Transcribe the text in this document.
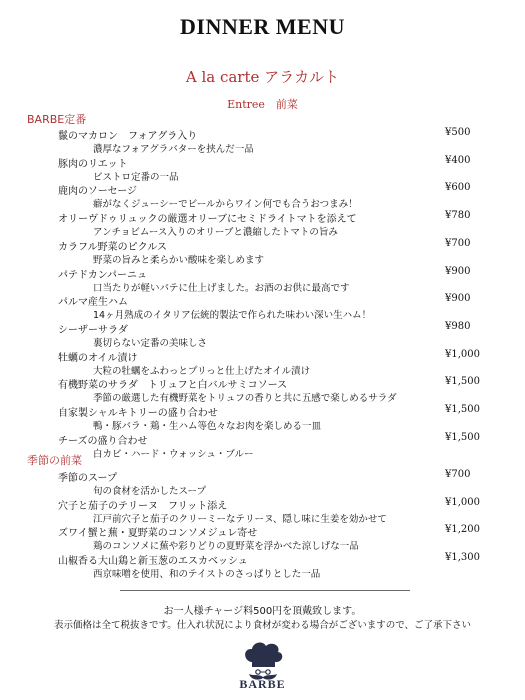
DINNER MENU
A la carte アラカルト
Entree　前菜
BARBE定番
鬣のマカロン　フォアグラ入り	¥500
濃厚なフォアグラバターを挟んだ一品
豚肉のリエット	¥400
ビストロ定番の一品
鹿肉のソーセージ	¥600
癖がなくジューシーでビールからワイン何でも合うおつまみ！
オリーヴドゥリュックの厳選オリーブにセミドライトマトを添えて	¥780
アンチョビムース入りのオリーブと濃縮したトマトの旨み
カラフル野菜のピクルス	¥700
野菜の旨みと柔らかい酸味を楽しめます
パテドカンパーニュ	¥900
口当たりが軽いパテに仕上げました。お酒のお供に最高です
パルマ産生ハム	¥900
14ヶ月熟成のイタリア伝統的製法で作られた味わい深い生ハム！
シーザーサラダ	¥980
裏切らない定番の美味しさ
牡蠣のオイル漬け	¥1,000
大粒の牡蠣をふわっとプリっと仕上げたオイル漬け
有機野菜のサラダ　トリュフと白バルサミコソース	¥1,500
季節の厳選した有機野菜をトリュフの香りと共に五感で楽しめるサラダ
自家製シャルキトリーの盛り合わせ	¥1,500
鴨・豚バラ・鶏・生ハム等色々なお肉を楽しめる一皿
チーズの盛り合わせ	¥1,500
白カビ・ハード・ウォッシュ・ブルー
季節の前菜
季節のスープ	¥700
旬の食材を活かしたスープ
穴子と茄子のテリーヌ　フリット添え	¥1,000
江戸前穴子と茄子のクリーミーなテリーヌ、隠し味に生姜を効かせて
ズワイ蟹と蕪・夏野菜のコンソメジュレ寄せ	¥1,200
鶏のコンソメに蕪や彩りどりの夏野菜を浮かべた涼しげな一品
山椒香る大山鶏と新玉葱のエスカベッシュ	¥1,300
西京味噌を使用、和のテイストのさっぱりとした一品
お一人様チャージ料500円を頂戴致します。
表示価格は全て税抜きです。仕入れ状況により食材が変わる場合がございますので、ご了承下さい
BARBE
